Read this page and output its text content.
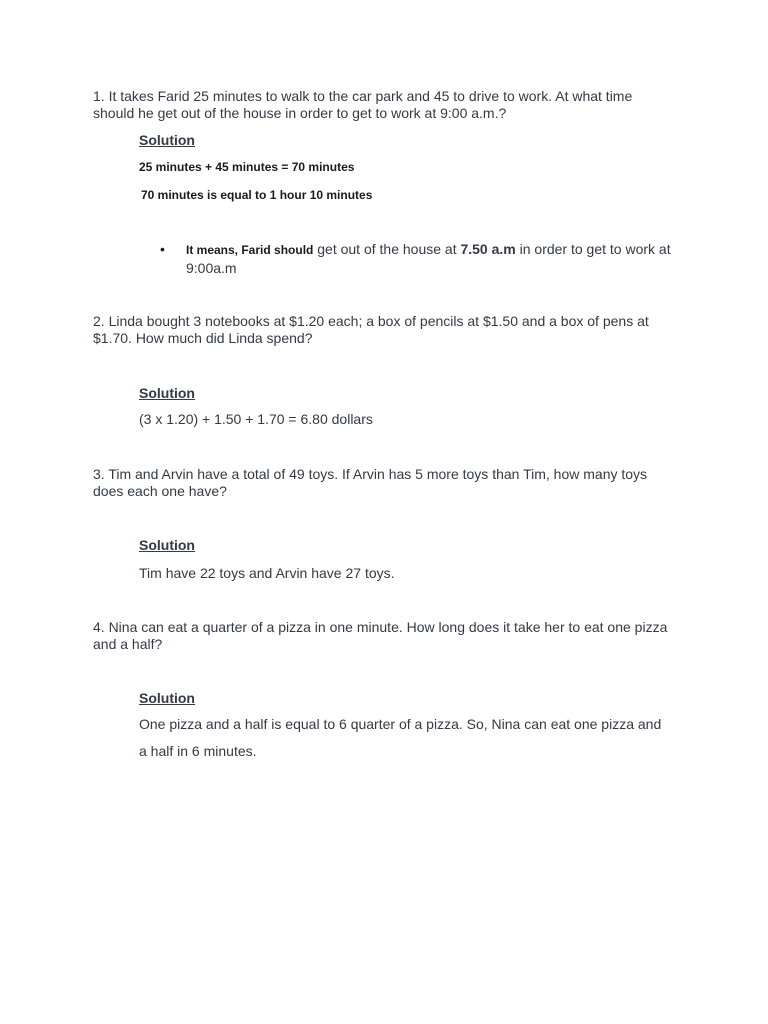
1. It takes Farid 25 minutes to walk to the car park and 45 to drive to work. At what time should he get out of the house in order to get to work at 9:00 a.m.?

Solution

25 minutes + 45 minutes = 70 minutes

70 minutes is equal to 1 hour 10 minutes

• It means, Farid should get out of the house at 7.50 a.m in order to get to work at 9:00a.m

2. Linda bought 3 notebooks at $1.20 each; a box of pencils at $1.50 and a box of pens at $1.70. How much did Linda spend?

Solution

(3 x 1.20) + 1.50 + 1.70 = 6.80 dollars

3. Tim and Arvin have a total of 49 toys. If Arvin has 5 more toys than Tim, how many toys does each one have?

Solution

Tim have 22 toys and Arvin have 27 toys.

4. Nina can eat a quarter of a pizza in one minute. How long does it take her to eat one pizza and a half?

Solution

One pizza and a half is equal to 6 quarter of a pizza. So, Nina can eat one pizza and a half in 6 minutes.
